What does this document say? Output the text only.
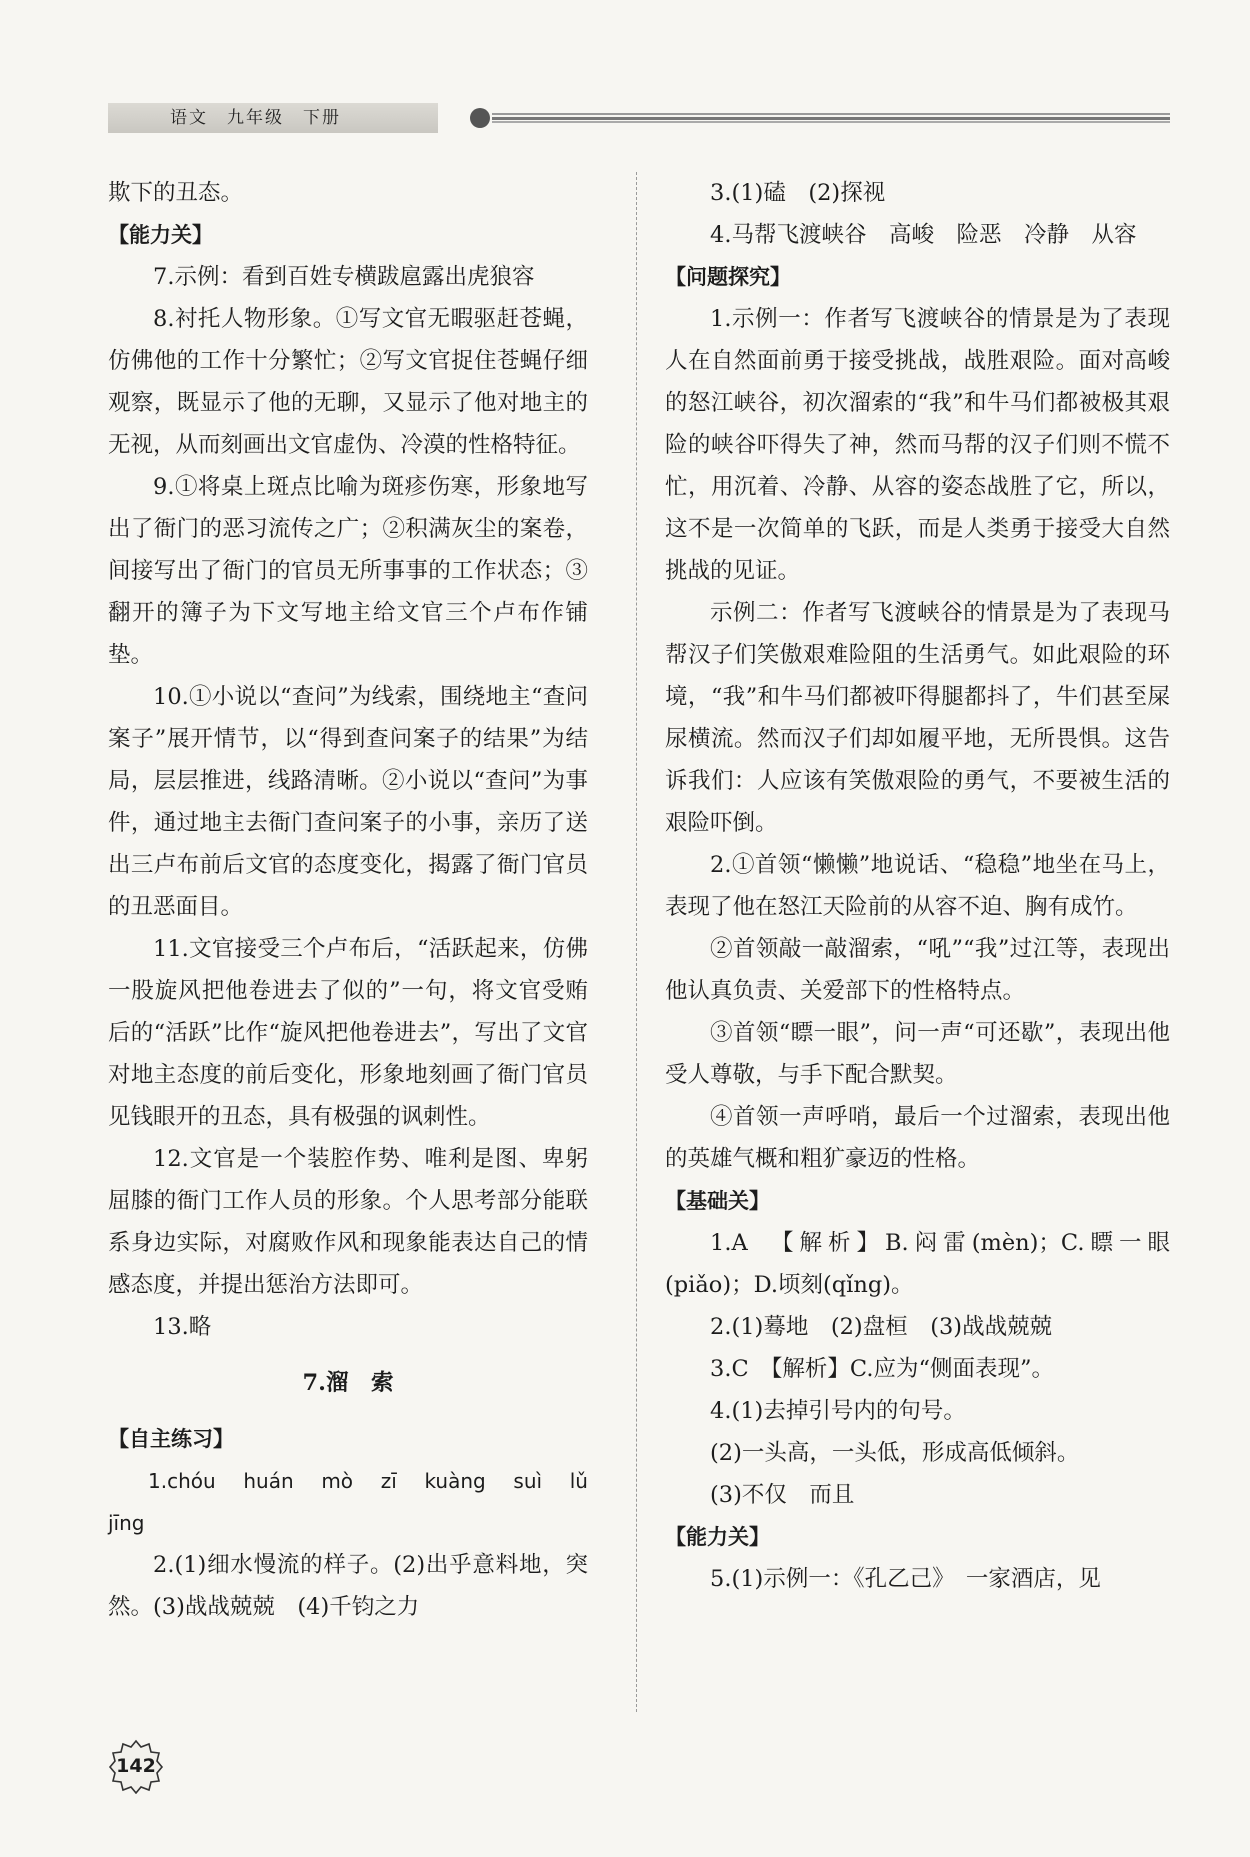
语文　九年级　下册

欺下的丑态。

【能力关】

7.示例：看到百姓专横跋扈露出虎狼容

8.衬托人物形象。①写文官无暇驱赶苍蝇，仿佛他的工作十分繁忙；②写文官捉住苍蝇仔细观察，既显示了他的无聊，又显示了他对地主的无视，从而刻画出文官虚伪、冷漠的性格特征。

9.①将桌上斑点比喻为斑疹伤寒，形象地写出了衙门的恶习流传之广；②积满灰尘的案卷，间接写出了衙门的官员无所事事的工作状态；③翻开的簿子为下文写地主给文官三个卢布作铺垫。

10.①小说以“查问”为线索，围绕地主“查问案子”展开情节，以“得到查问案子的结果”为结局，层层推进，线路清晰。②小说以“查问”为事件，通过地主去衙门查问案子的小事，亲历了送出三卢布前后文官的态度变化，揭露了衙门官员的丑恶面目。

11.文官接受三个卢布后，“活跃起来，仿佛一股旋风把他卷进去了似的”一句，将文官受贿后的“活跃”比作“旋风把他卷进去”，写出了文官对地主态度的前后变化，形象地刻画了衙门官员见钱眼开的丑态，具有极强的讽刺性。

12.文官是一个装腔作势、唯利是图、卑躬屈膝的衙门工作人员的形象。个人思考部分能联系身边实际，对腐败作风和现象能表达自己的情感态度，并提出惩治方法即可。

13.略

7.溜　索

【自主练习】

1.chóu　huán　mò　zī　kuàng　suì　lǔ　jīng

2.(1)细水慢流的样子。(2)出乎意料地，突然。(3)战战兢兢　(4)千钧之力

3.(1)磕　(2)探视

4.马帮飞渡峡谷　高峻　险恶　冷静　从容

【问题探究】

1.示例一：作者写飞渡峡谷的情景是为了表现人在自然面前勇于接受挑战，战胜艰险。面对高峻的怒江峡谷，初次溜索的“我”和牛马们都被极其艰险的峡谷吓得失了神，然而马帮的汉子们则不慌不忙，用沉着、冷静、从容的姿态战胜了它，所以，这不是一次简单的飞跃，而是人类勇于接受大自然挑战的见证。

示例二：作者写飞渡峡谷的情景是为了表现马帮汉子们笑傲艰难险阻的生活勇气。如此艰险的环境，“我”和牛马们都被吓得腿都抖了，牛们甚至屎尿横流。然而汉子们却如履平地，无所畏惧。这告诉我们：人应该有笑傲艰险的勇气，不要被生活的艰险吓倒。

2.①首领“懒懒”地说话、“稳稳”地坐在马上，表现了他在怒江天险前的从容不迫、胸有成竹。

②首领敲一敲溜索，“吼”“我”过江等，表现出他认真负责、关爱部下的性格特点。

③首领“瞟一眼”，问一声“可还歇”，表现出他受人尊敬，与手下配合默契。

④首领一声呼哨，最后一个过溜索，表现出他的英雄气概和粗犷豪迈的性格。

【基础关】

1.A　【解析】B.闷雷(mèn)；C.瞟一眼(piǎo)；D.顷刻(qǐng)。

2.(1)蓦地　(2)盘桓　(3)战战兢兢

3.C　【解析】C.应为“侧面表现”。

4.(1)去掉引号内的句号。

(2)一头高，一头低，形成高低倾斜。

(3)不仅　而且

【能力关】

5.(1)示例一：《孔乙己》　一家酒店，见

142
